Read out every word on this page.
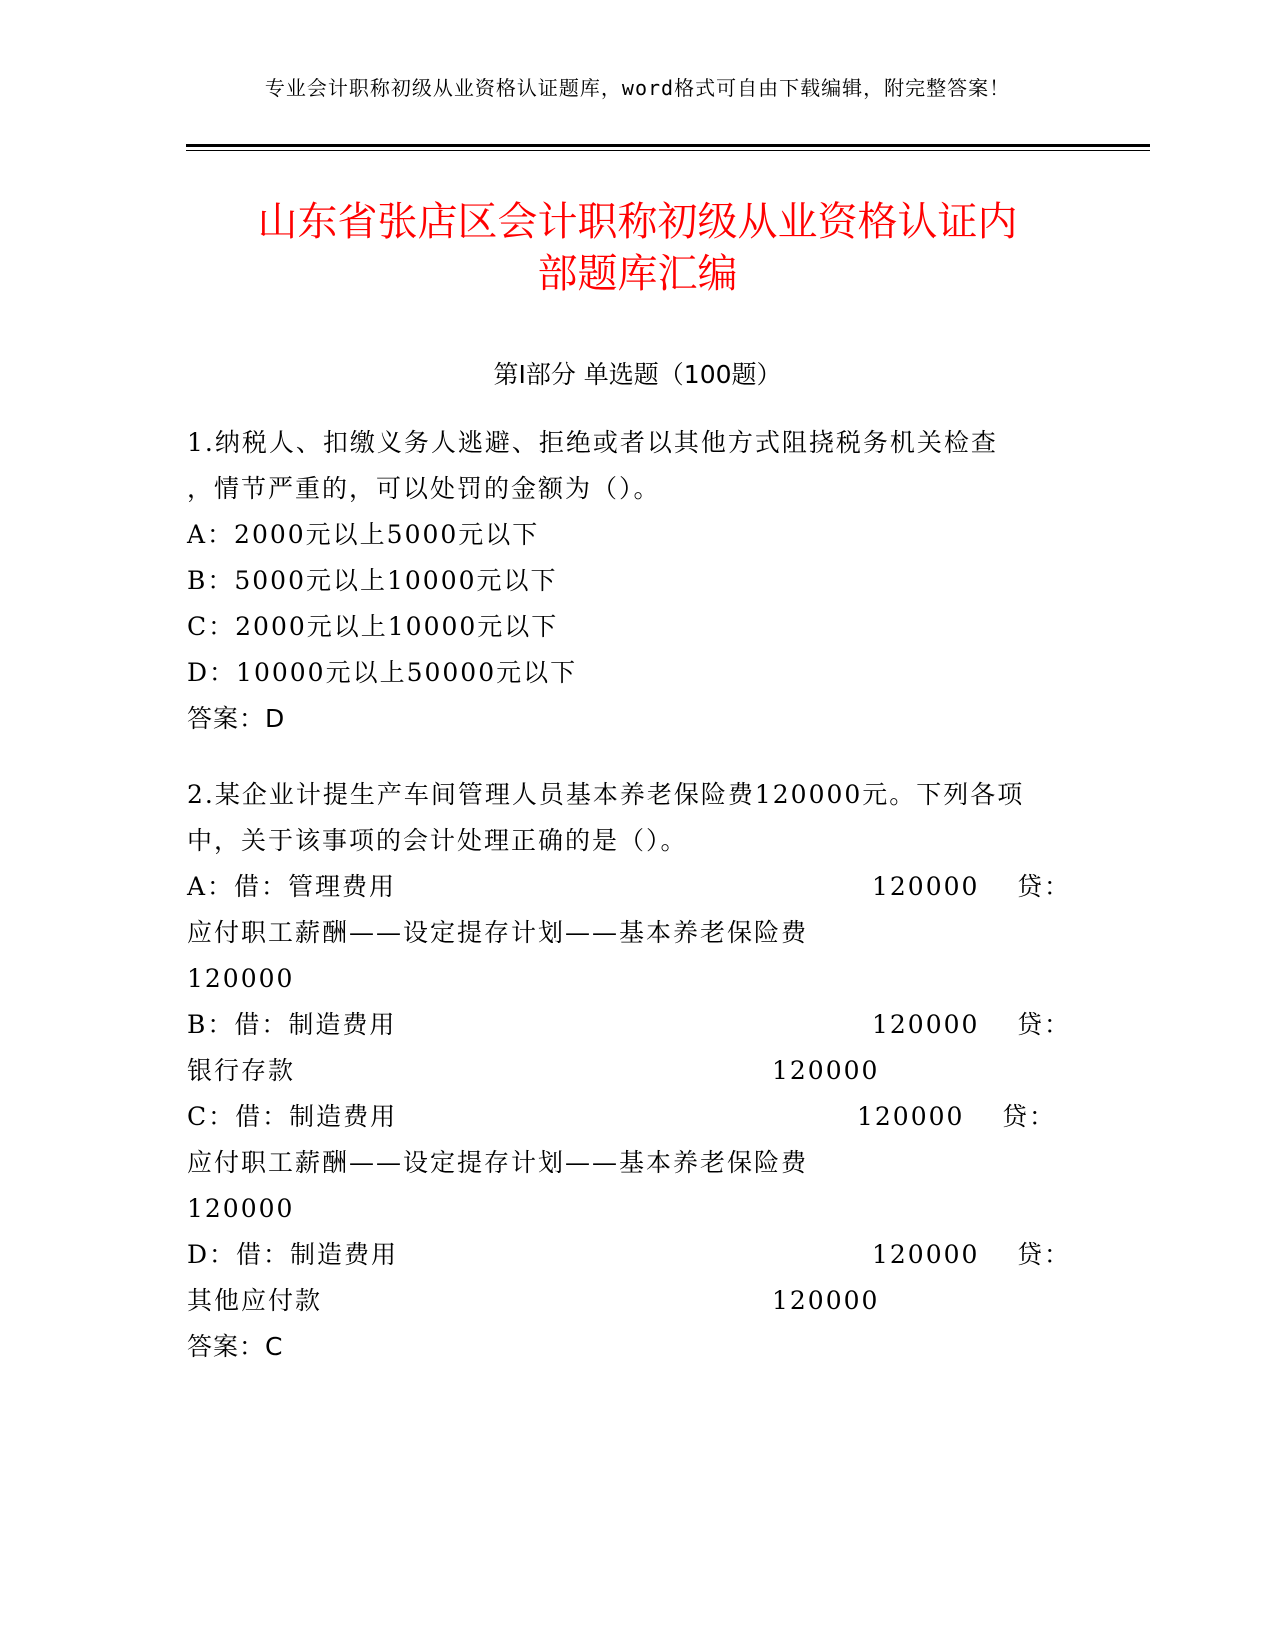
专业会计职称初级从业资格认证题库，word格式可自由下载编辑，附完整答案！
山东省张店区会计职称初级从业资格认证内
部题库汇编
第Ⅰ部分 单选题（100题）

1.纳税人、扣缴义务人逃避、拒绝或者以其他方式阻挠税务机关检查

，情节严重的，可以处罚的金额为（）。

A：2000元以上5000元以下

B：5000元以上10000元以下

C：2000元以上10000元以下

D：10000元以上50000元以下

答案：D

2.某企业计提生产车间管理人员基本养老保险费120000元。下列各项

中，关于该事项的会计处理正确的是（）。

A：借：管理费用	120000 贷：

应付职工薪酬——设定提存计划——基本养老保险费

120000

B：借：制造费用	120000 贷：
银行存款	120000
C：借：制造费用	120000 贷：

应付职工薪酬——设定提存计划——基本养老保险费

120000

D：借：制造费用	120000 贷：
其他应付款	120000

答案：C
